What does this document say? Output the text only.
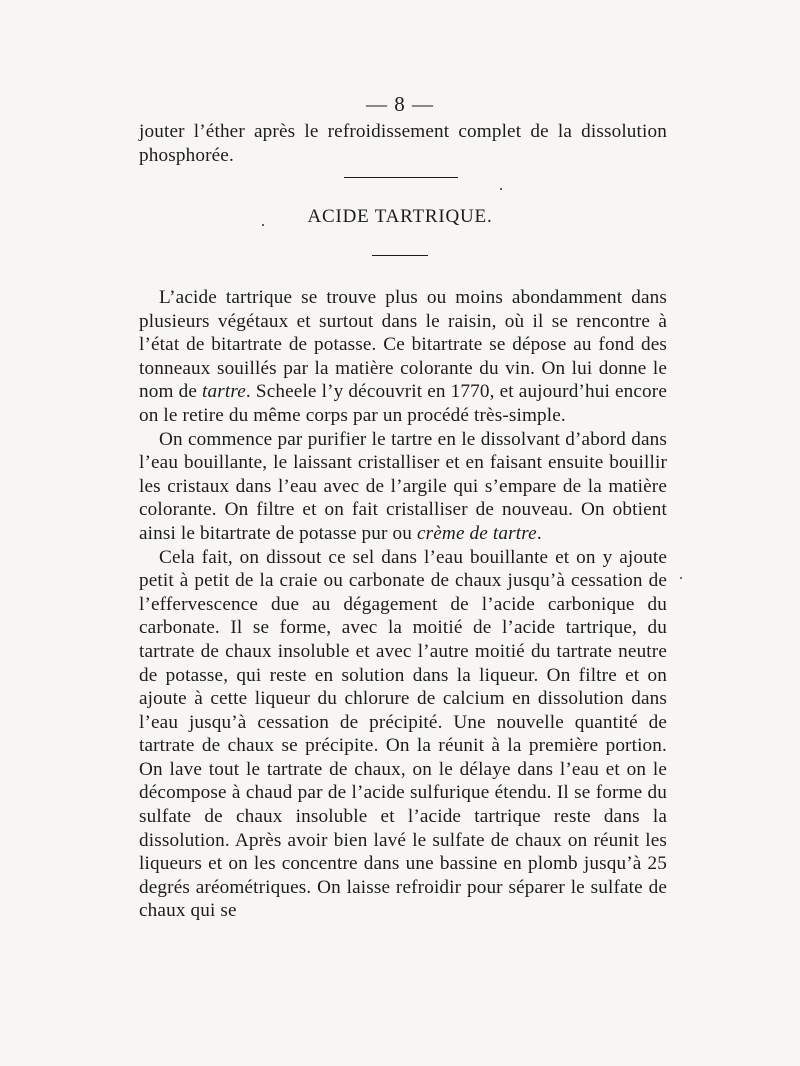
— 8 —

jouter l’éther après le refroidissement complet de la dissolution phosphorée.

ACIDE TARTRIQUE.

L’acide tartrique se trouve plus ou moins abondamment dans plusieurs végétaux et surtout dans le raisin, où il se rencontre à l’état de bitartrate de potasse. Ce bitartrate se dépose au fond des tonneaux souillés par la matière colorante du vin. On lui donne le nom de tartre. Scheele l’y découvrit en 1770, et aujourd’hui encore on le retire du même corps par un procédé très-simple.

On commence par purifier le tartre en le dissolvant d’abord dans l’eau bouillante, le laissant cristalliser et en faisant ensuite bouillir les cristaux dans l’eau avec de l’argile qui s’empare de la matière colorante. On filtre et on fait cristalliser de nouveau. On obtient ainsi le bitartrate de potasse pur ou crème de tartre.

Cela fait, on dissout ce sel dans l’eau bouillante et on y ajoute petit à petit de la craie ou carbonate de chaux jusqu’à cessation de l’effervescence due au dégagement de l’acide carbonique du carbonate. Il se forme, avec la moitié de l’acide tartrique, du tartrate de chaux insoluble et avec l’autre moitié du tartrate neutre de potasse, qui reste en solution dans la liqueur. On filtre et on ajoute à cette liqueur du chlorure de calcium en dissolution dans l’eau jusqu’à cessation de précipité. Une nouvelle quantité de tartrate de chaux se précipite. On la réunit à la première portion. On lave tout le tartrate de chaux, on le délaye dans l’eau et on le décompose à chaud par de l’acide sulfurique étendu. Il se forme du sulfate de chaux insoluble et l’acide tartrique reste dans la dissolution. Après avoir bien lavé le sulfate de chaux on réunit les liqueurs et on les concentre dans une bassine en plomb jusqu’à 25 degrés aréométriques. On laisse refroidir pour séparer le sulfate de chaux qui se
